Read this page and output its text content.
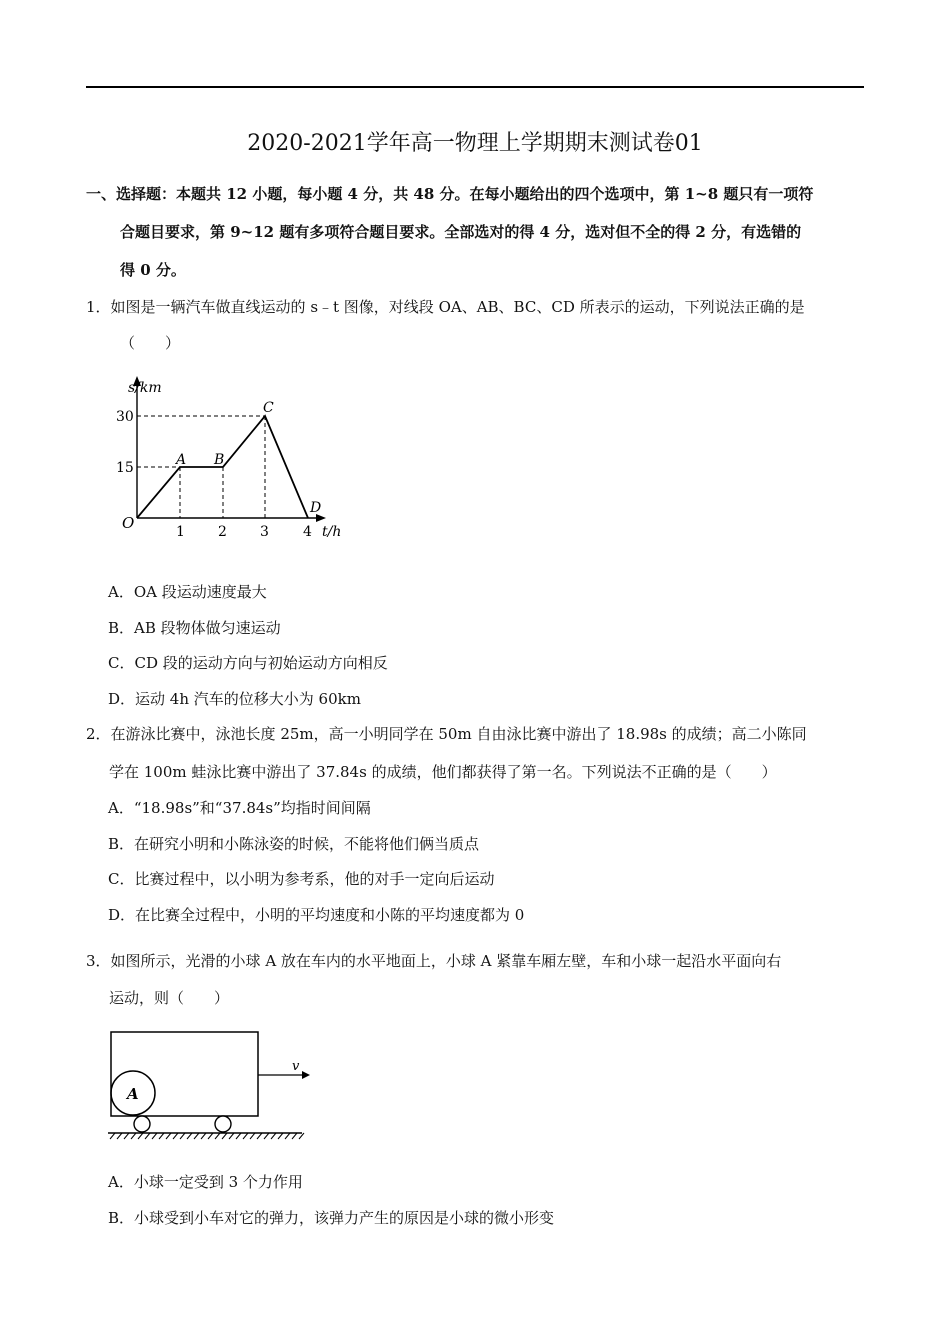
2020-2021学年高一物理上学期期末测试卷01
一、选择题：本题共 12 小题，每小题 4 分，共 48 分。在每小题给出的四个选项中，第 1~8 题只有一项符
合题目要求，第 9~12 题有多项符合题目要求。全部选对的得 4 分，选对但不全的得 2 分，有选错的
得 0 分。
1．如图是一辆汽车做直线运动的 s﹣t 图像，对线段 OA、AB、BC、CD 所表示的运动，下列说法正确的是
（　　）
s/km
30
15
O	1 2 3 4 t/h
A B
C
D
A．OA 段运动速度最大
B．AB 段物体做匀速运动
C．CD 段的运动方向与初始运动方向相反
D．运动 4h 汽车的位移大小为 60km
2．在游泳比赛中，泳池长度 25m，高一小明同学在 50m 自由泳比赛中游出了 18.98s 的成绩；高二小陈同
学在 100m 蛙泳比赛中游出了 37.84s 的成绩，他们都获得了第一名。下列说法不正确的是（　　）
A．“18.98s”和“37.84s”均指时间间隔
B．在研究小明和小陈泳姿的时候，不能将他们俩当质点
C．比赛过程中，以小明为参考系，他的对手一定向后运动
D．在比赛全过程中，小明的平均速度和小陈的平均速度都为 0
3．如图所示，光滑的小球 A 放在车内的水平地面上，小球 A 紧靠车厢左壁，车和小球一起沿水平面向右
运动，则（　　）
A
v
A．小球一定受到 3 个力作用
B．小球受到小车对它的弹力，该弹力产生的原因是小球的微小形变
